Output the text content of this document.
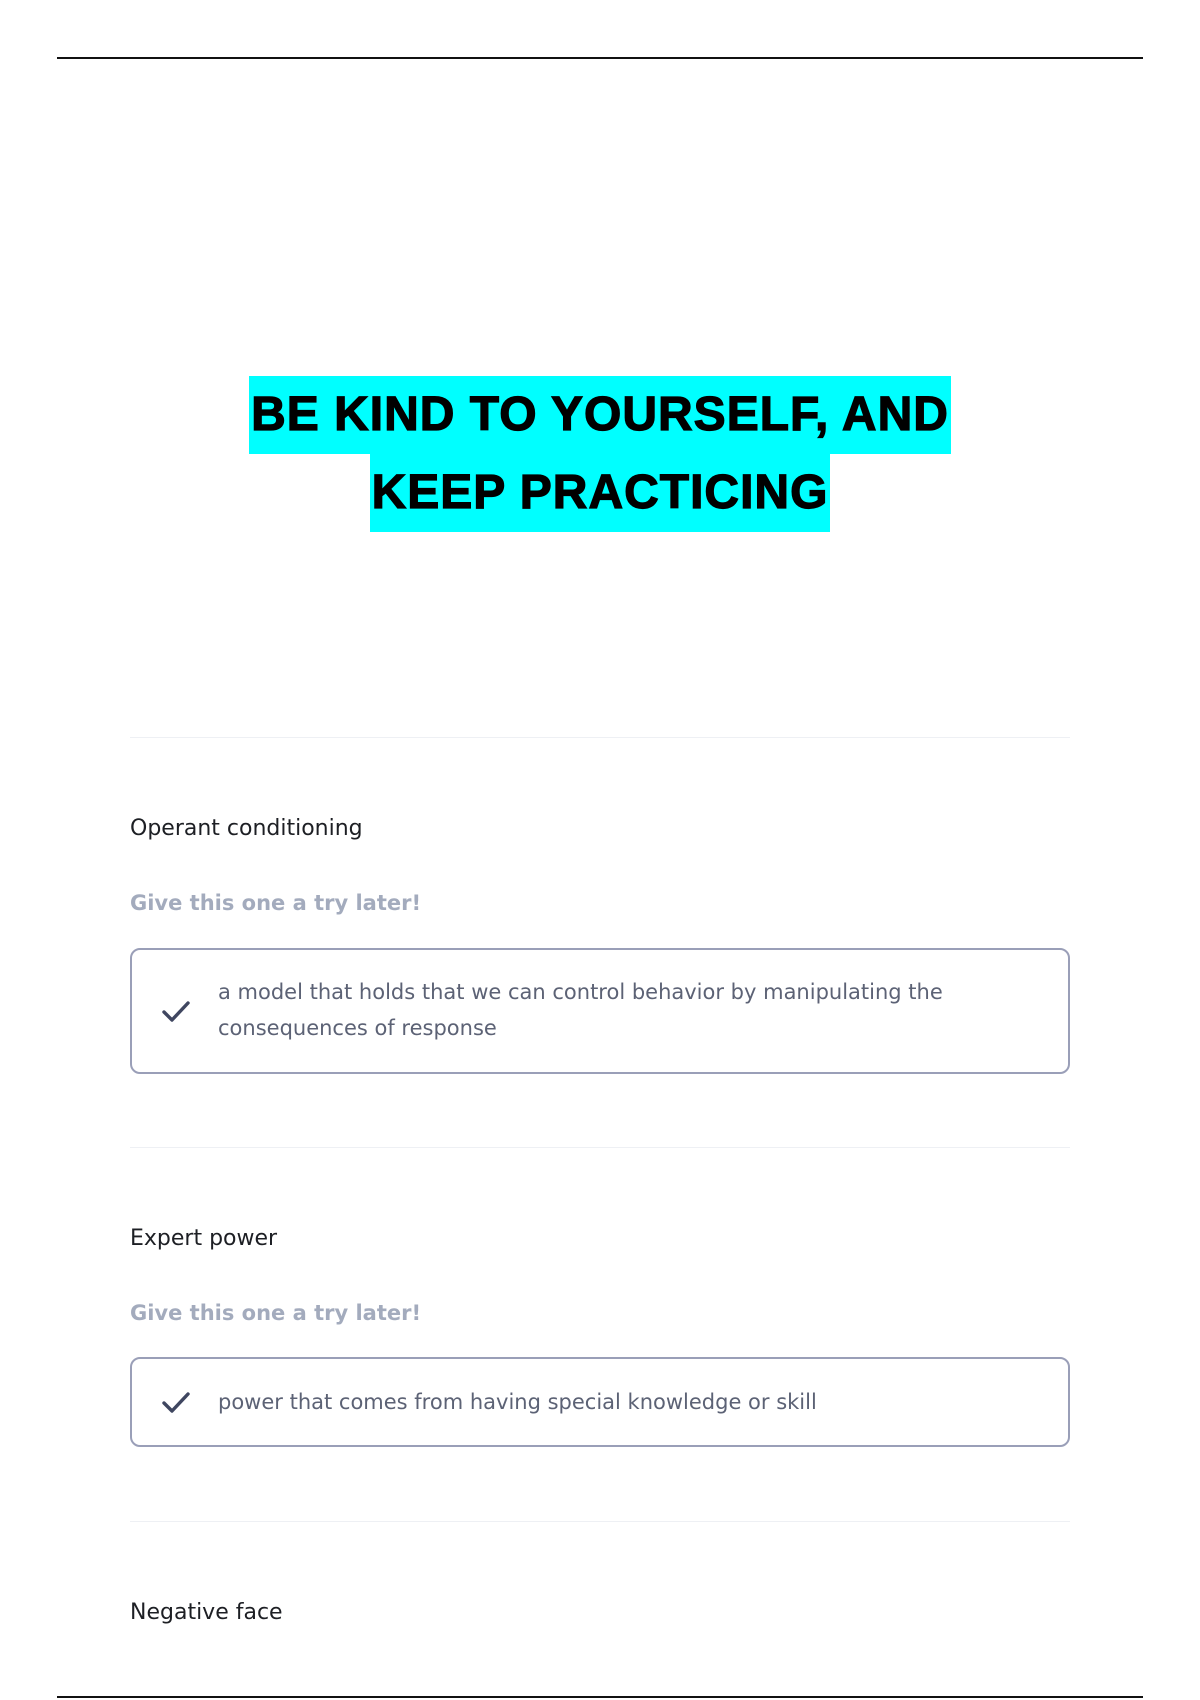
BE KIND TO YOURSELF, AND
KEEP PRACTICING
Operant conditioning
Give this one a try later!
a model that holds that we can control behavior by manipulating the consequences of response
Expert power
Give this one a try later!
power that comes from having special knowledge or skill
Negative face
